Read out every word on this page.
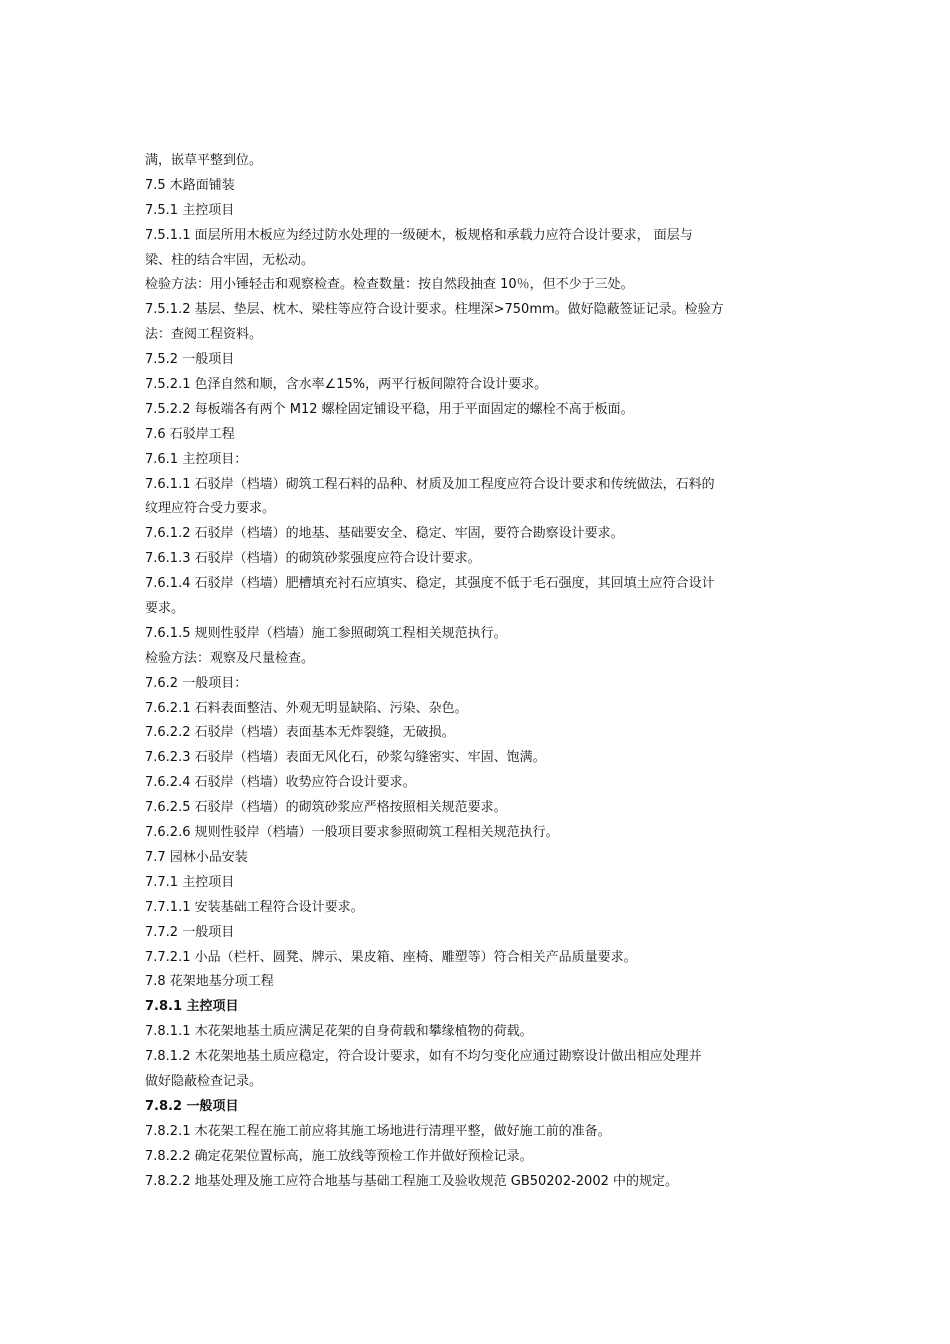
满，嵌草平整到位。
7.5 木路面铺装
7.5.1 主控项目
7.5.1.1 面层所用木板应为经过防水处理的一级硬木，板规格和承载力应符合设计要求， 面层与
梁、柱的结合牢固，无松动。
检验方法：用小锤轻击和观察检查。检查数量：按自然段抽查 10％，但不少于三处。
7.5.1.2 基层、垫层、枕木、梁柱等应符合设计要求。柱埋深>750mm。做好隐蔽签证记录。检验方
法：查阅工程资料。
7.5.2 一般项目
7.5.2.1 色泽自然和顺，含水率∠15%，两平行板间隙符合设计要求。
7.5.2.2 每板端各有两个 M12 螺栓固定铺设平稳，用于平面固定的螺栓不高于板面。
7.6 石驳岸工程
7.6.1 主控项目：
7.6.1.1 石驳岸（档墙）砌筑工程石料的品种、材质及加工程度应符合设计要求和传统做法，石料的
纹理应符合受力要求。
7.6.1.2 石驳岸（档墙）的地基、基础要安全、稳定、牢固，要符合勘察设计要求。
7.6.1.3 石驳岸（档墙）的砌筑砂浆强度应符合设计要求。
7.6.1.4 石驳岸（档墙）肥槽填充衬石应填实、稳定，其强度不低于毛石强度，其回填土应符合设计
要求。
7.6.1.5 规则性驳岸（档墙）施工参照砌筑工程相关规范执行。
检验方法：观察及尺量检查。
7.6.2 一般项目：
7.6.2.1 石料表面整洁、外观无明显缺陷、污染、杂色。
7.6.2.2 石驳岸（档墙）表面基本无炸裂缝，无破损。
7.6.2.3 石驳岸（档墙）表面无风化石，砂浆勾缝密实、牢固、饱满。
7.6.2.4 石驳岸（档墙）收势应符合设计要求。
7.6.2.5 石驳岸（档墙）的砌筑砂浆应严格按照相关规范要求。
7.6.2.6 规则性驳岸（档墙）一般项目要求参照砌筑工程相关规范执行。
7.7 园林小品安装
7.7.1 主控项目
7.7.1.1 安装基础工程符合设计要求。
7.7.2 一般项目
7.7.2.1 小品（栏杆、圆凳、牌示、果皮箱、座椅、雕塑等）符合相关产品质量要求。
7.8 花架地基分项工程
7.8.1 主控项目
7.8.1.1 木花架地基土质应满足花架的自身荷载和攀缘植物的荷载。
7.8.1.2 木花架地基土质应稳定，符合设计要求，如有不均匀变化应通过勘察设计做出相应处理并
做好隐蔽检查记录。
7.8.2 一般项目
7.8.2.1 木花架工程在施工前应将其施工场地进行清理平整，做好施工前的准备。
7.8.2.2 确定花架位置标高，施工放线等预检工作并做好预检记录。
7.8.2.2 地基处理及施工应符合地基与基础工程施工及验收规范 GB50202-2002 中的规定。
